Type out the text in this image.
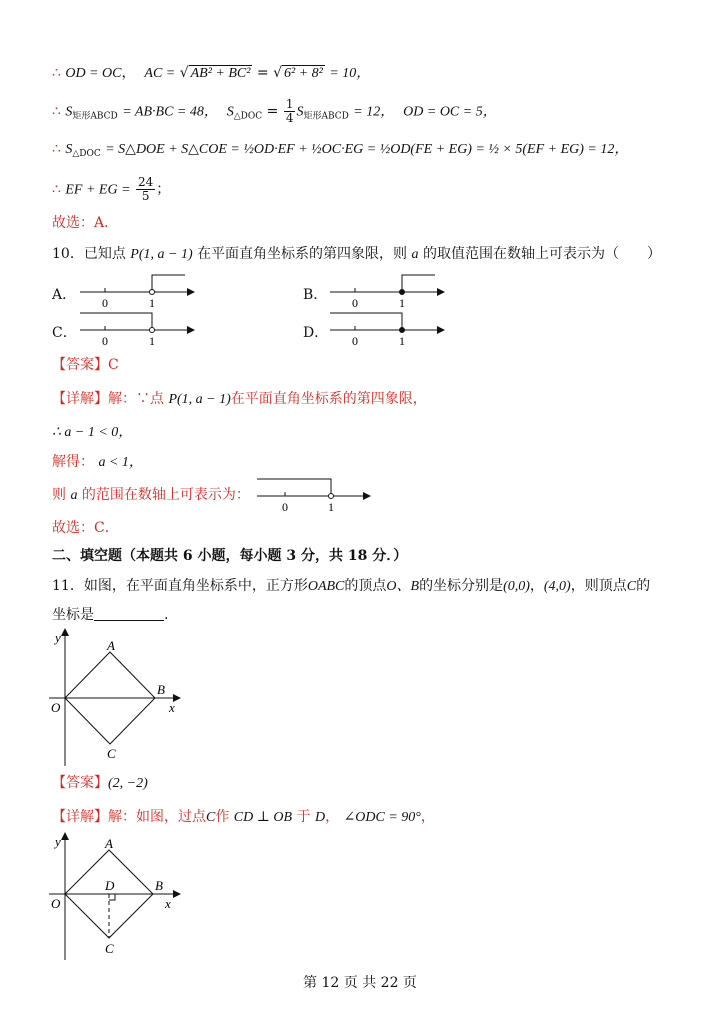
∴ OD = OC，  AC = √ AB² + BC² = √ 6² + 8² = 10，
∴ $S_{矩形ABCD} = AB\cdot BC = 48$， $S_{\triangle DOC} = \frac{1}{4} S_{矩形ABCD} = 12$， OD = OC = 5，
∴ $S_{\triangle DOC}$ = S△DOE + S△COE = ½OD·EF + ½OC·EG = ½OD(FE + EG) = ½ × 5(EF + EG) = 12，
∴ EF + EG = $\frac{24}{5}$ ；
故选：A．
10．已知点 P(1, a − 1) 在平面直角坐标系的第四象限，则 a 的取值范围在数轴上可表示为（　　）
A． 0	1	B． 0	1
C． 0	1	D． 0	1
【答案】C
【详解】解：∵点 P(1, a − 1)在平面直角坐标系的第四象限，
∴ a − 1 < 0，
解得： a < 1，
则 a 的范围在数轴上可表示为：
0	1
故选：C．
二、填空题（本题共 6 小题，每小题 3 分，共 18 分．）
11．如图，在平面直角坐标系中，正方形OABC的顶点O、B的坐标分别是(0,0)，(4,0)，则顶点C的
坐标是	.
y
x
O
A
B
C
【答案】(2, −2)
【详解】解：如图，过点C作 CD ⊥ OB 于 D， ∠ODC = 90°，
y
x
O
A
B
D
C
第 12 页 共 22 页
